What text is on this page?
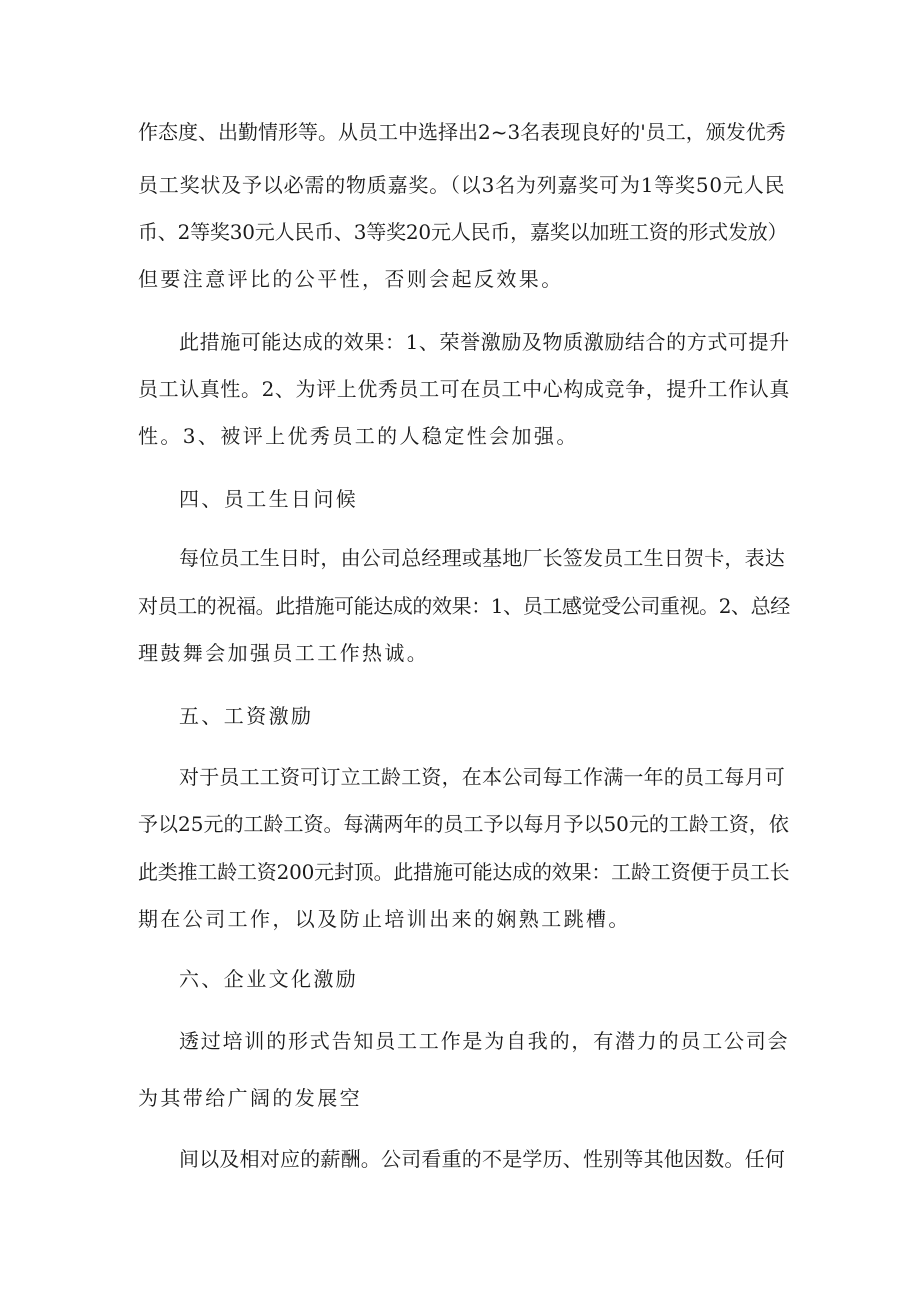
作态度、出勤情形等。从员工中选择出2~3名表现良好的'员工，颁发优秀
员工奖状及予以必需的物质嘉奖。（以3名为列嘉奖可为1等奖50元人民
币、2等奖30元人民币、3等奖20元人民币，嘉奖以加班工资的形式发放）
但要注意评比的公平性，否则会起反效果。
此措施可能达成的效果：1、荣誉激励及物质激励结合的方式可提升
员工认真性。2、为评上优秀员工可在员工中心构成竞争，提升工作认真
性。3、被评上优秀员工的人稳定性会加强。
四、员工生日问候
每位员工生日时，由公司总经理或基地厂长签发员工生日贺卡，表达
对员工的祝福。此措施可能达成的效果：1、员工感觉受公司重视。2、总经
理鼓舞会加强员工工作热诚。
五、工资激励
对于员工工资可订立工龄工资，在本公司每工作满一年的员工每月可
予以25元的工龄工资。每满两年的员工予以每月予以50元的工龄工资，依
此类推工龄工资200元封顶。此措施可能达成的效果：工龄工资便于员工长
期在公司工作，以及防止培训出来的娴熟工跳槽。
六、企业文化激励
透过培训的形式告知员工工作是为自我的，有潜力的员工公司会
为其带给广阔的发展空
间以及相对应的薪酬。公司看重的不是学历、性别等其他因数。任何
